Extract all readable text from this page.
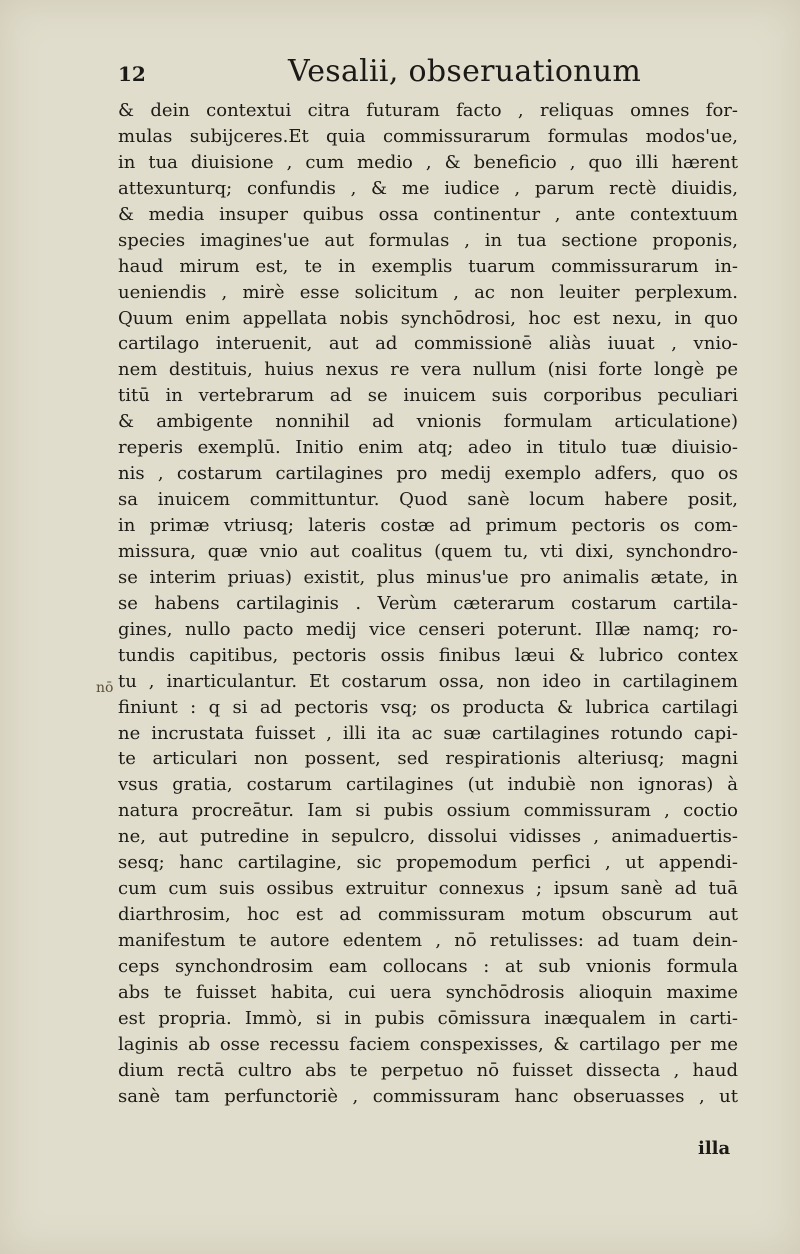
12	Vesalii, obseruationum
& dein contextui citra futuram facto , reliquas omnes for-
mulas subijceres.Et quia commissurarum formulas modos'ue,
in tua diuisione , cum medio , & beneficio , quo illi hærent
attexunturq; confundis , & me iudice , parum rectè diuidis,
& media insuper quibus ossa continentur , ante contextuum
species imagines'ue aut formulas , in tua sectione proponis,
haud mirum est, te in exemplis tuarum commissurarum in-
ueniendis , mirè esse solicitum , ac non leuiter perplexum.
Quum enim appellata nobis synchōdrosi, hoc est nexu, in quo
cartilago interuenit, aut ad commissionē aliàs iuuat , vnio-
nem destituis, huius nexus re vera nullum (nisi forte longè pe
titū in vertebrarum ad se inuicem suis corporibus peculiari
& ambigente nonnihil ad vnionis formulam articulatione)
reperis exemplū. Initio enim atq; adeo in titulo tuæ diuisio-
nis , costarum cartilagines pro medij exemplo adfers, quo os
sa inuicem committuntur. Quod sanè locum habere posit,
in primæ vtriusq; lateris costæ ad primum pectoris os com-
missura, quæ vnio aut coalitus (quem tu, vti dixi, synchondro-
se interim priuas) existit, plus minus'ue pro animalis ætate, in
se habens cartilaginis . Verùm cæterarum costarum cartila-
gines, nullo pacto medij vice censeri poterunt. Illæ namq; ro-
tundis capitibus, pectoris ossis finibus læui & lubrico contex
tu , inarticulantur. Et costarum ossa, non ideo in cartilaginem
finiunt : q si ad pectoris vsq; os producta & lubrica cartilagi
ne incrustata fuisset , illi ita ac suæ cartilagines rotundo capi-
te articulari non possent, sed respirationis alteriusq; magni
vsus gratia, costarum cartilagines (ut indubiè non ignoras) à
natura procreātur. Iam si pubis ossium commissuram , coctio
ne, aut putredine in sepulcro, dissolui vidisses , animaduertis-
sesq; hanc cartilagine, sic propemodum perfici , ut appendi-
cum cum suis ossibus extruitur connexus ; ipsum sanè ad tuā
diarthrosim, hoc est ad commissuram motum obscurum aut
manifestum te autore edentem , nō retulisses: ad tuam dein-
ceps synchondrosim eam collocans : at sub vnionis formula
abs te fuisset habita, cui uera synchōdrosis alioquin maxime
est propria. Immò, si in pubis cōmissura inæqualem in carti-
laginis ab osse recessu faciem conspexisses, & cartilago per me
dium rectā cultro abs te perpetuo nō fuisset dissecta , haud
sanè tam perfunctoriè , commissuram hanc obseruasses , ut
nō
illa
